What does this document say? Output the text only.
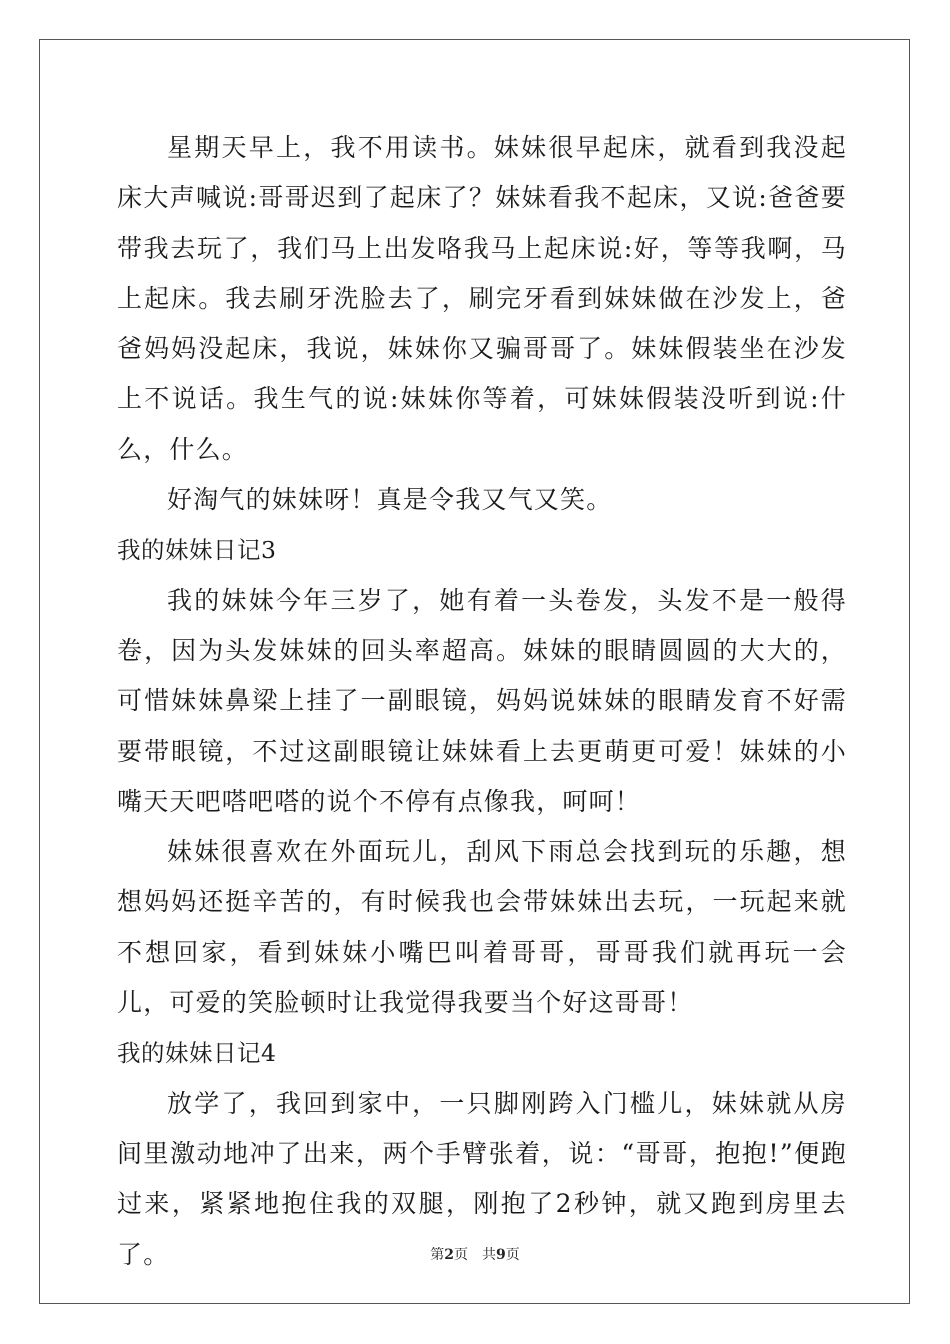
星期天早上，我不用读书。妹妹很早起床，就看到我没起床大声喊说:哥哥迟到了起床了？妹妹看我不起床，又说:爸爸要带我去玩了，我们马上出发咯我马上起床说:好，等等我啊，马上起床。我去刷牙洗脸去了，刷完牙看到妹妹做在沙发上，爸爸妈妈没起床，我说，妹妹你又骗哥哥了。妹妹假装坐在沙发上不说话。我生气的说:妹妹你等着，可妹妹假装没听到说:什么，什么。

好淘气的妹妹呀！真是令我又气又笑。

我的妹妹日记3

我的妹妹今年三岁了，她有着一头卷发，头发不是一般得卷，因为头发妹妹的回头率超高。妹妹的眼睛圆圆的大大的，可惜妹妹鼻梁上挂了一副眼镜，妈妈说妹妹的眼睛发育不好需要带眼镜，不过这副眼镜让妹妹看上去更萌更可爱！妹妹的小嘴天天吧嗒吧嗒的说个不停有点像我，呵呵！

妹妹很喜欢在外面玩儿，刮风下雨总会找到玩的乐趣，想想妈妈还挺辛苦的，有时候我也会带妹妹出去玩，一玩起来就不想回家，看到妹妹小嘴巴叫着哥哥，哥哥我们就再玩一会儿，可爱的笑脸顿时让我觉得我要当个好这哥哥！

我的妹妹日记4

放学了，我回到家中，一只脚刚跨入门槛儿，妹妹就从房间里激动地冲了出来，两个手臂张着，说：“哥哥，抱抱!”便跑过来，紧紧地抱住我的双腿，刚抱了2秒钟，就又跑到房里去了。	第2页 共9页
